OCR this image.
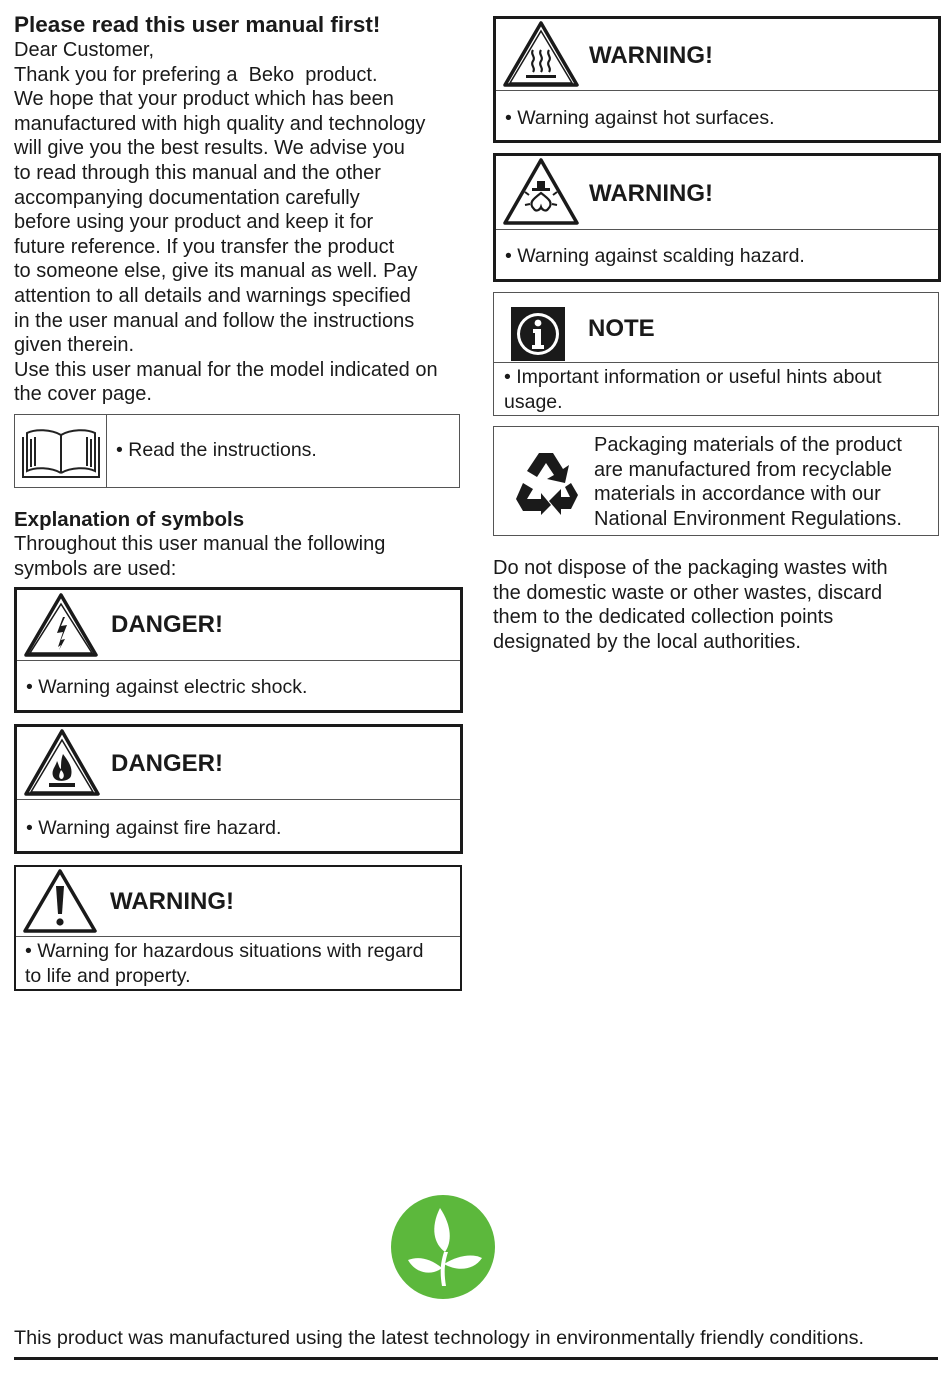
Please read this user manual first!
Dear Customer,
Thank you for prefering a  Beko  product.
We hope that your product which has been
manufactured with high quality and technology
will give you the best results. We advise you
to read through this manual and the other
accompanying documentation carefully
before using your product and keep it for
future reference. If you transfer the product
to someone else, give its manual as well. Pay
attention to all details and warnings specified
in the user manual and follow the instructions
given therein.
Use this user manual for the model indicated on
the cover page.
• Read the instructions.
Explanation of symbols
Throughout this user manual the following
symbols are used:
DANGER!
• Warning against electric shock.
DANGER!
• Warning against fire hazard.
WARNING!
• Warning for hazardous situations with regard
to life and property.
WARNING!
• Warning against hot surfaces.
WARNING!
• Warning against scalding hazard.
NOTE
• Important information or useful hints about
usage.
Packaging materials of the product
are manufactured from recyclable
materials in accordance with our
National Environment Regulations.
Do not dispose of the packaging wastes with
the domestic waste or other wastes, discard
them to the dedicated collection points
designated by the local authorities.
This product was manufactured using the latest technology in environmentally friendly conditions.
